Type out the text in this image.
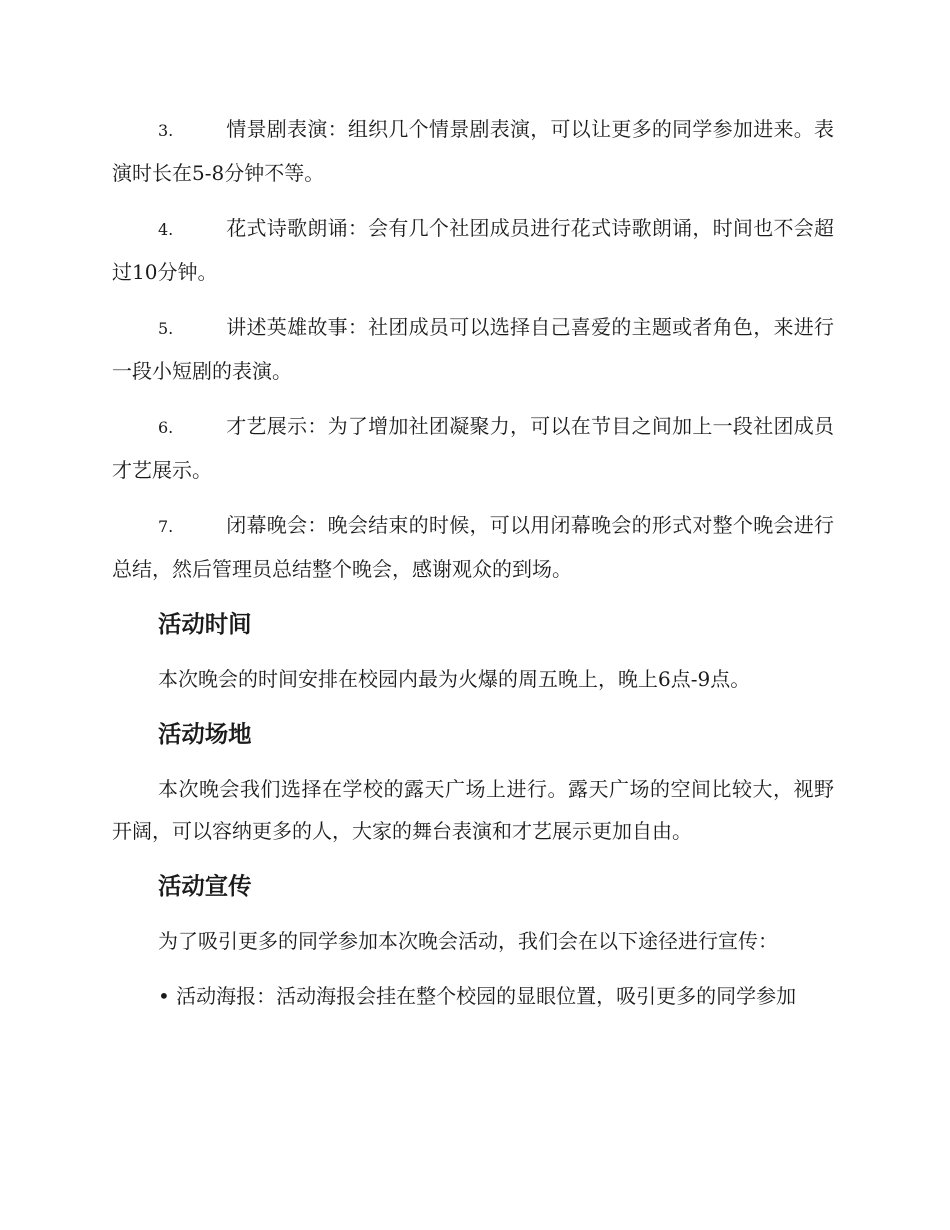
3.	情景剧表演：组织几个情景剧表演，可以让更多的同学参加进来。表演时长在5-8分钟不等。

4.	花式诗歌朗诵：会有几个社团成员进行花式诗歌朗诵，时间也不会超过10分钟。

5.	讲述英雄故事：社团成员可以选择自己喜爱的主题或者角色，来进行一段小短剧的表演。

6.	才艺展示：为了增加社团凝聚力，可以在节目之间加上一段社团成员才艺展示。

7.	闭幕晚会：晚会结束的时候，可以用闭幕晚会的形式对整个晚会进行总结，然后管理员总结整个晚会，感谢观众的到场。

活动时间

本次晚会的时间安排在校园内最为火爆的周五晚上，晚上6点-9点。

活动场地

本次晚会我们选择在学校的露天广场上进行。露天广场的空间比较大，视野开阔，可以容纳更多的人，大家的舞台表演和才艺展示更加自由。

活动宣传

为了吸引更多的同学参加本次晚会活动，我们会在以下途径进行宣传：

• 活动海报：活动海报会挂在整个校园的显眼位置，吸引更多的同学参加
